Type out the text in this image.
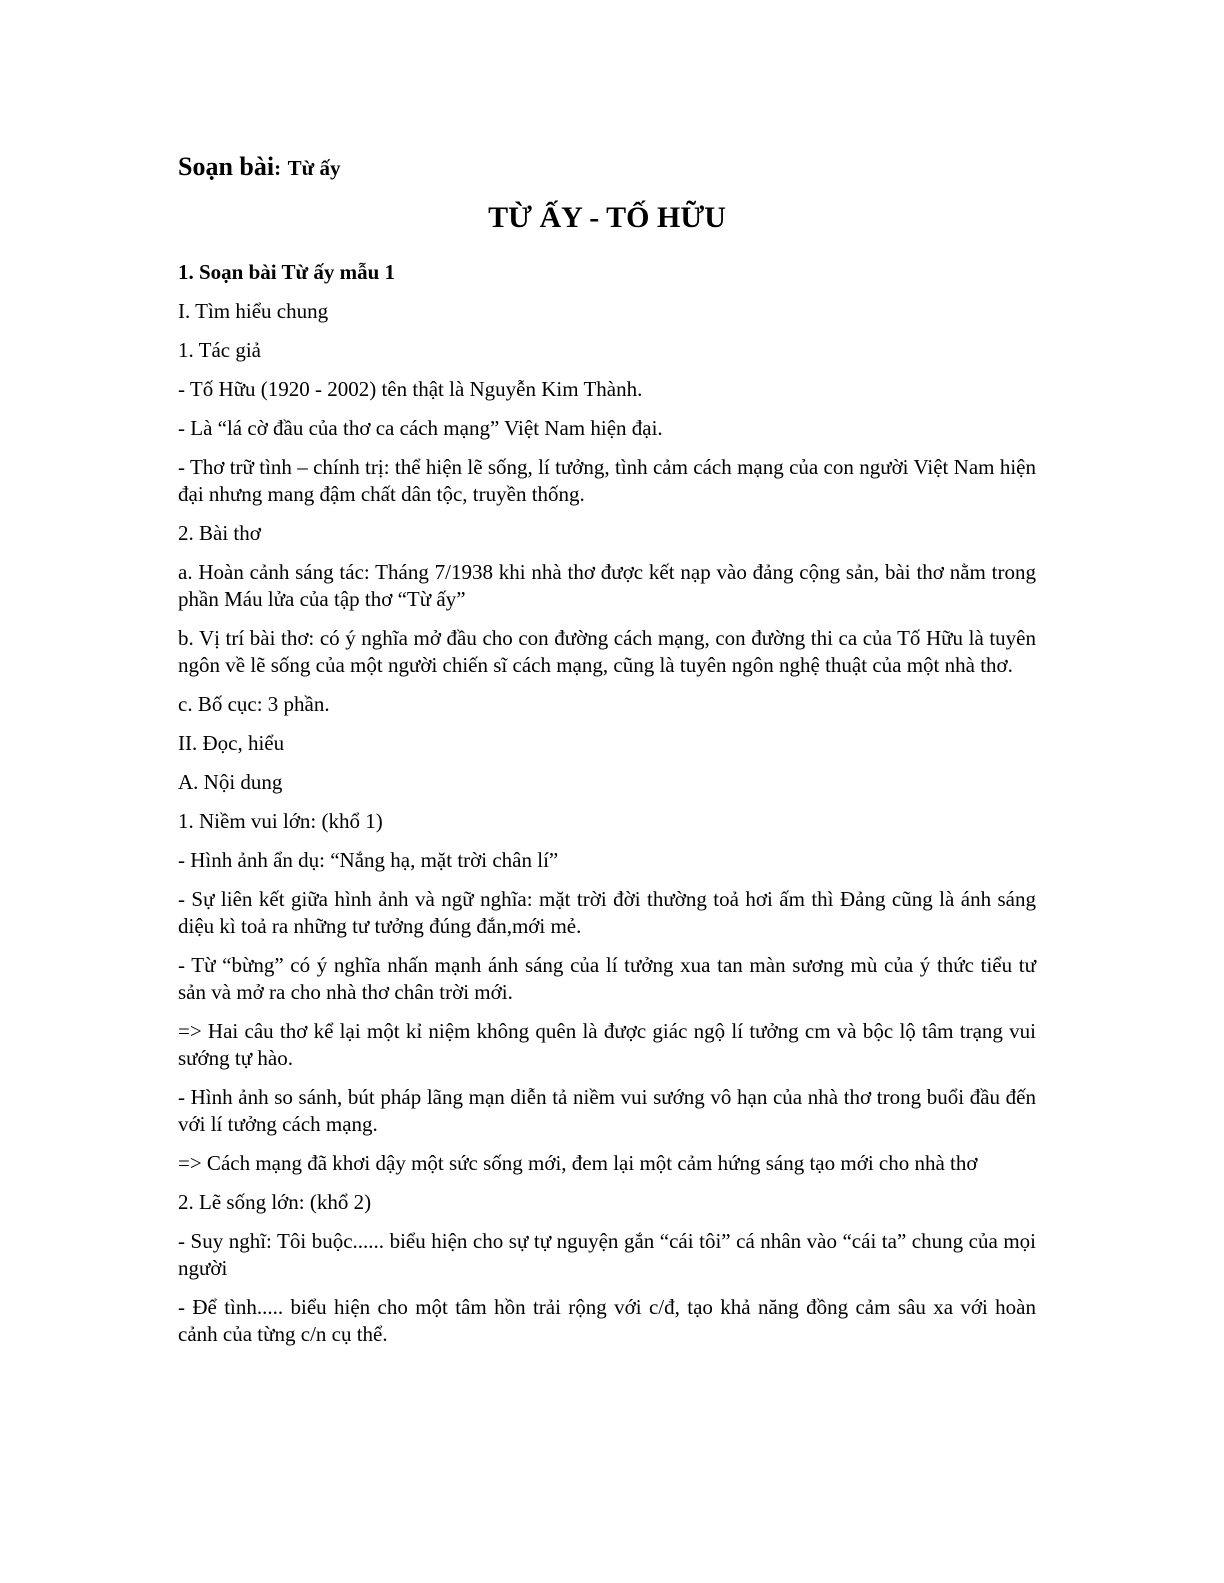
Soạn bài: Từ ấy
TỪ ẤY - TỐ HỮU

1. Soạn bài Từ ấy mẫu 1

I. Tìm hiểu chung

1. Tác giả

- Tố Hữu (1920 - 2002) tên thật là Nguyễn Kim Thành.

- Là “lá cờ đầu của thơ ca cách mạng” Việt Nam hiện đại.

- Thơ trữ tình – chính trị: thể hiện lẽ sống, lí tưởng, tình cảm cách mạng của con người Việt Nam hiện đại nhưng mang đậm chất dân tộc, truyền thống.

2. Bài thơ

a. Hoàn cảnh sáng tác: Tháng 7/1938 khi nhà thơ được kết nạp vào đảng cộng sản, bài thơ nằm trong phần Máu lửa của tập thơ “Từ ấy”

b. Vị trí bài thơ: có ý nghĩa mở đầu cho con đường cách mạng, con đường thi ca của Tố Hữu là tuyên ngôn về lẽ sống của một người chiến sĩ cách mạng, cũng là tuyên ngôn nghệ thuật của một nhà thơ.

c. Bố cục: 3 phần.

II. Đọc, hiểu

A. Nội dung

1. Niềm vui lớn: (khổ 1)

- Hình ảnh ẩn dụ: “Nắng hạ, mặt trời chân lí”

- Sự liên kết giữa hình ảnh và ngữ nghĩa: mặt trời đời thường toả hơi ấm thì Đảng cũng là ánh sáng diệu kì toả ra những tư tưởng đúng đắn,mới mẻ.

- Từ “bừng” có ý nghĩa nhấn mạnh ánh sáng của lí tưởng xua tan màn sương mù của ý thức tiểu tư sản và mở ra cho nhà thơ chân trời mới.

=> Hai câu thơ kể lại một kỉ niệm không quên là được giác ngộ lí tưởng cm và bộc lộ tâm trạng vui sướng tự hào.

- Hình ảnh so sánh, bút pháp lãng mạn diễn tả niềm vui sướng vô hạn của nhà thơ trong buổi đầu đến với lí tưởng cách mạng.

=> Cách mạng đã khơi dậy một sức sống mới, đem lại một cảm hứng sáng tạo mới cho nhà thơ

2. Lẽ sống lớn: (khổ 2)

- Suy nghĩ: Tôi buộc...... biểu hiện cho sự tự nguyện gắn “cái tôi” cá nhân vào “cái ta” chung của mọi người

- Để tình..... biểu hiện cho một tâm hồn trải rộng với c/đ, tạo khả năng đồng cảm sâu xa với hoàn cảnh của từng c/n cụ thể.
